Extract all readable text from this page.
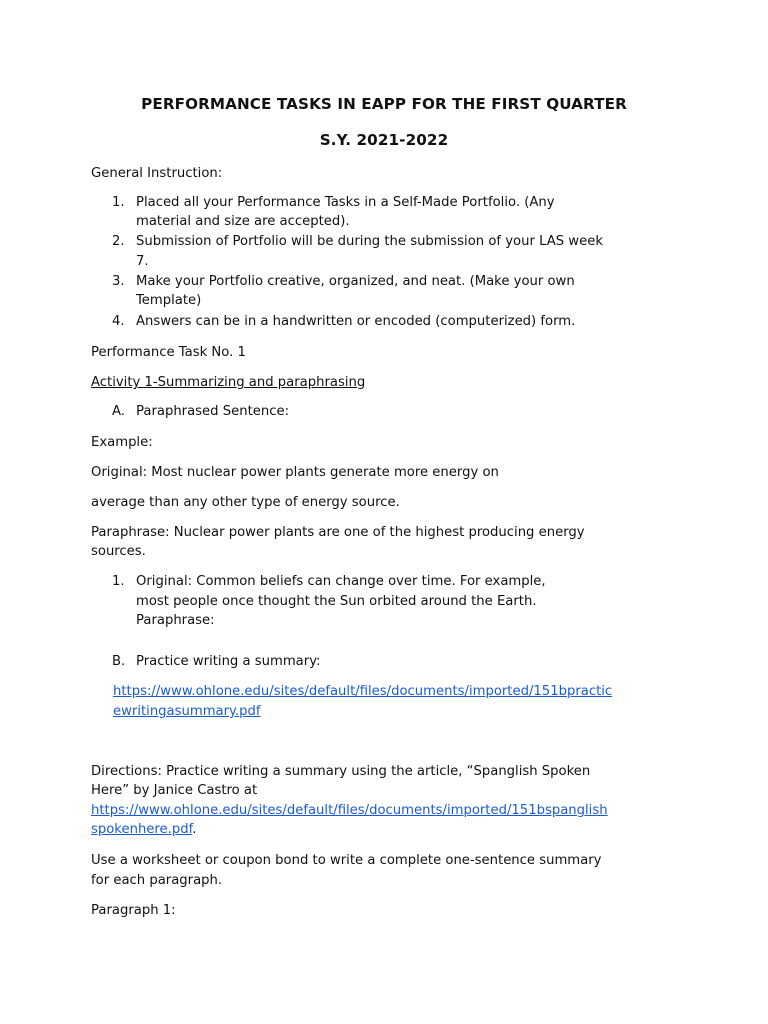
PERFORMANCE TASKS IN EAPP FOR THE FIRST QUARTER
S.Y. 2021-2022
General Instruction:
1. Placed all your Performance Tasks in a Self-Made Portfolio. (Any
material and size are accepted).
2. Submission of Portfolio will be during the submission of your LAS week
7.
3. Make your Portfolio creative, organized, and neat. (Make your own
Template)
4. Answers can be in a handwritten or encoded (computerized) form.
Performance Task No. 1
Activity 1-Summarizing and paraphrasing
A. Paraphrased Sentence:
Example:
Original: Most nuclear power plants generate more energy on
average than any other type of energy source.
Paraphrase: Nuclear power plants are one of the highest producing energy
sources.
1. Original: Common beliefs can change over time. For example,
most people once thought the Sun orbited around the Earth.
Paraphrase:
B. Practice writing a summary:
https://www.ohlone.edu/sites/default/files/documents/imported/151bpractic
ewritingasummary.pdf
Directions: Practice writing a summary using the article, “Spanglish Spoken
Here” by Janice Castro at
https://www.ohlone.edu/sites/default/files/documents/imported/151bspanglish
spokenhere.pdf.
Use a worksheet or coupon bond to write a complete one-sentence summary
for each paragraph.
Paragraph 1:
